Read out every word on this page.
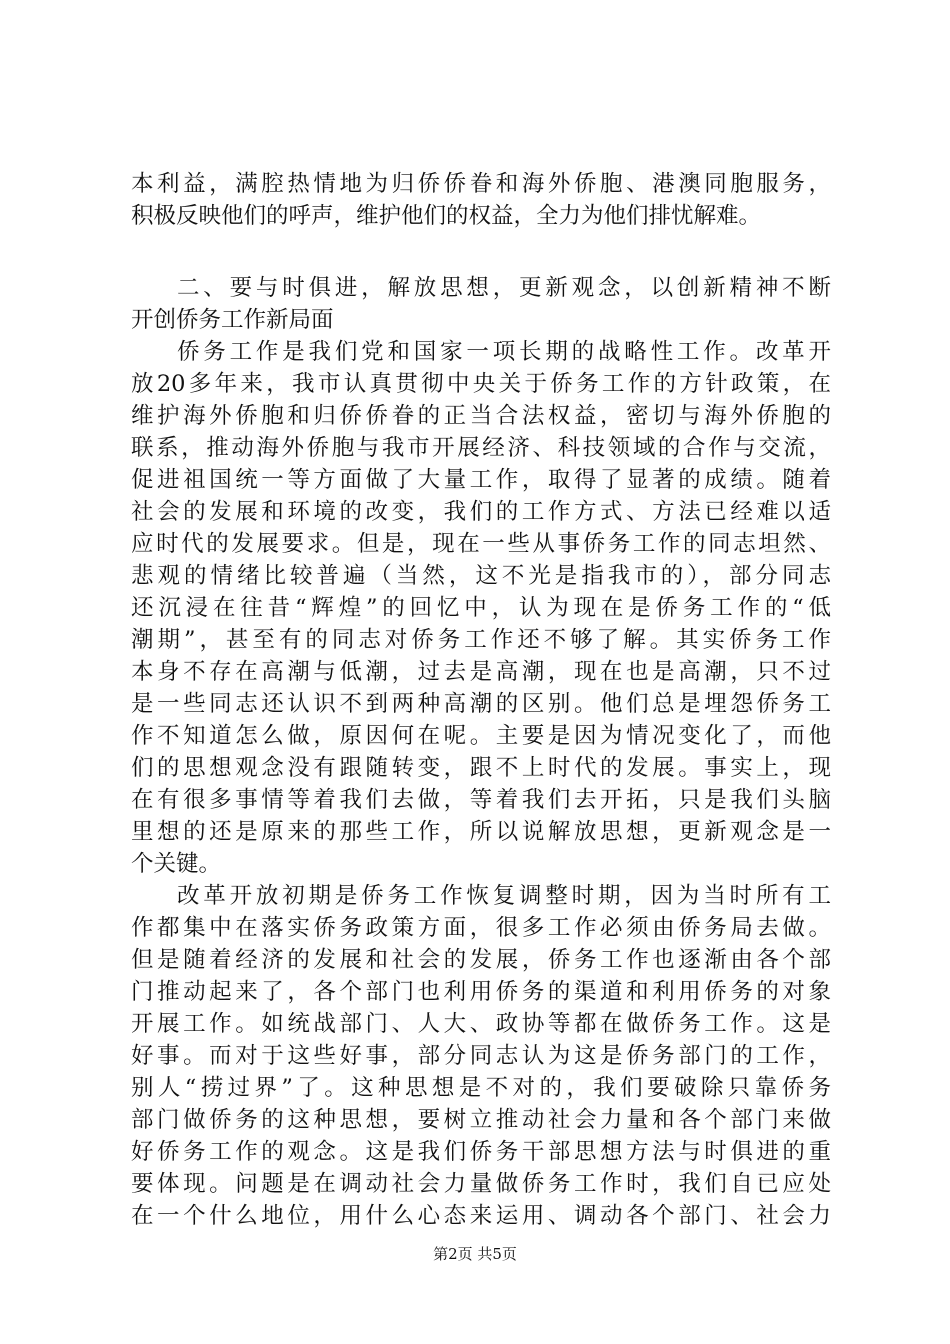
本利益，满腔热情地为归侨侨眷和海外侨胞、港澳同胞服务，
积极反映他们的呼声，维护他们的权益，全力为他们排忧解难。
二、要与时俱进，解放思想，更新观念，以创新精神不断
开创侨务工作新局面
侨务工作是我们党和国家一项长期的战略性工作。改革开
放20多年来，我市认真贯彻中央关于侨务工作的方针政策，在
维护海外侨胞和归侨侨眷的正当合法权益，密切与海外侨胞的
联系，推动海外侨胞与我市开展经济、科技领域的合作与交流，
促进祖国统一等方面做了大量工作，取得了显著的成绩。随着
社会的发展和环境的改变，我们的工作方式、方法已经难以适
应时代的发展要求。但是，现在一些从事侨务工作的同志坦然、
悲观的情绪比较普遍（当然，这不光是指我市的），部分同志
还沉浸在往昔“辉煌”的回忆中，认为现在是侨务工作的“低
潮期”，甚至有的同志对侨务工作还不够了解。其实侨务工作
本身不存在高潮与低潮，过去是高潮，现在也是高潮，只不过
是一些同志还认识不到两种高潮的区别。他们总是埋怨侨务工
作不知道怎么做，原因何在呢。主要是因为情况变化了，而他
们的思想观念没有跟随转变，跟不上时代的发展。事实上，现
在有很多事情等着我们去做，等着我们去开拓，只是我们头脑
里想的还是原来的那些工作，所以说解放思想，更新观念是一
个关键。
改革开放初期是侨务工作恢复调整时期，因为当时所有工
作都集中在落实侨务政策方面，很多工作必须由侨务局去做。
但是随着经济的发展和社会的发展，侨务工作也逐渐由各个部
门推动起来了，各个部门也利用侨务的渠道和利用侨务的对象
开展工作。如统战部门、人大、政协等都在做侨务工作。这是
好事。而对于这些好事，部分同志认为这是侨务部门的工作，
别人“捞过界”了。这种思想是不对的，我们要破除只靠侨务
部门做侨务的这种思想，要树立推动社会力量和各个部门来做
好侨务工作的观念。这是我们侨务干部思想方法与时俱进的重
要体现。问题是在调动社会力量做侨务工作时，我们自已应处
在一个什么地位，用什么心态来运用、调动各个部门、社会力
第2页 共5页
